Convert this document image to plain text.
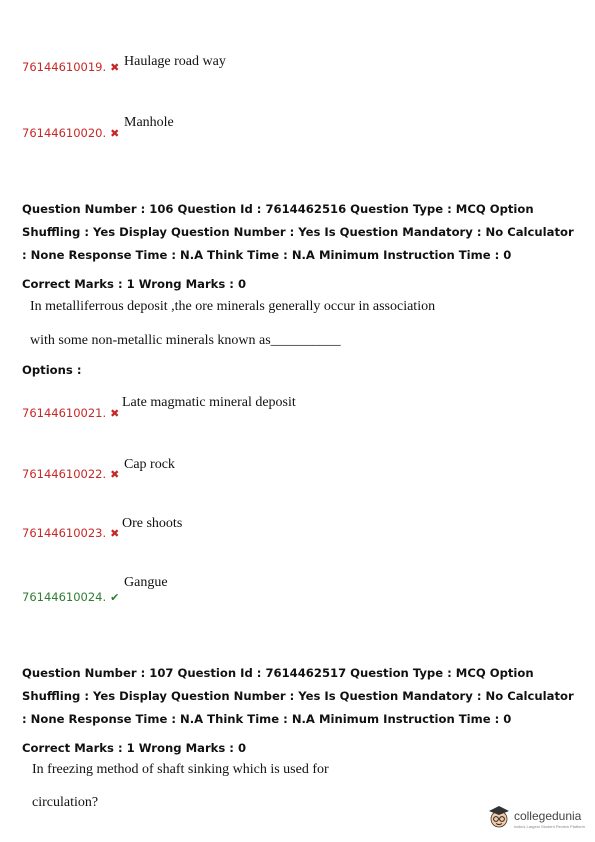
76144610019. ✖ Haulage road way
76144610020. ✖
Manhole
Question Number : 106 Question Id : 7614462516 Question Type : MCQ Option Shuffling : Yes Display Question Number : Yes Is Question Mandatory : No Calculator : None Response Time : N.A Think Time : N.A Minimum Instruction Time : 0
Correct Marks : 1 Wrong Marks : 0
In metalliferrous deposit ,the ore minerals generally occur in association
with some non-metallic minerals known as__________
Options :
76144610021. ✖
Late magmatic mineral deposit
76144610022. ✖
Cap rock
76144610023. ✖
Ore shoots
76144610024. ✔
Gangue
Question Number : 107 Question Id : 7614462517 Question Type : MCQ Option Shuffling : Yes Display Question Number : Yes Is Question Mandatory : No Calculator : None Response Time : N.A Think Time : N.A Minimum Instruction Time : 0
Correct Marks : 1 Wrong Marks : 0
In freezing method of shaft sinking which is used for
circulation?
collegedunia
India's Largest Student Review Platform
